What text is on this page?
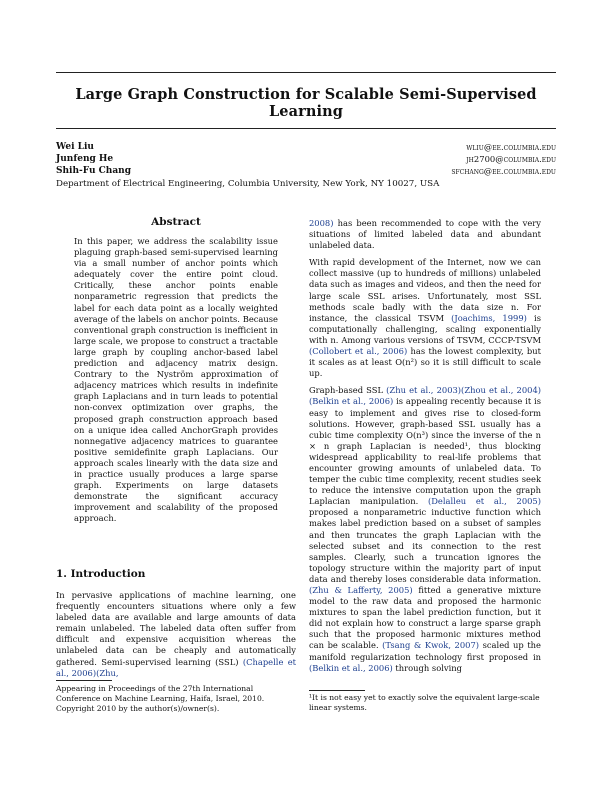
Large Graph Construction for Scalable Semi-Supervised Learning
Wei Liu	wliu@ee.columbia.edu
Junfeng He	jh2700@columbia.edu
Shih-Fu Chang	sfchang@ee.columbia.edu
Department of Electrical Engineering, Columbia University, New York, NY 10027, USA
Abstract
In this paper, we address the scalability issue plaguing graph-based semi-supervised learning via a small number of anchor points which adequately cover the entire point cloud. Critically, these anchor points enable nonparametric regression that predicts the label for each data point as a locally weighted average of the labels on anchor points. Because conventional graph construction is inefficient in large scale, we propose to construct a tractable large graph by coupling anchor-based label prediction and adjacency matrix design. Contrary to the Nyström approximation of adjacency matrices which results in indefinite graph Laplacians and in turn leads to potential non-convex optimization over graphs, the proposed graph construction approach based on a unique idea called AnchorGraph provides nonnegative adjacency matrices to guarantee positive semidefinite graph Laplacians. Our approach scales linearly with the data size and in practice usually produces a large sparse graph. Experiments on large datasets demonstrate the significant accuracy improvement and scalability of the proposed approach.
1. Introduction

In pervasive applications of machine learning, one frequently encounters situations where only a few labeled data are available and large amounts of data remain unlabeled. The labeled data often suffer from difficult and expensive acquisition whereas the unlabeled data can be cheaply and automatically gathered. Semi-supervised learning (SSL) (Chapelle et al., 2006)(Zhu,

Appearing in Proceedings of the 27th International Conference on Machine Learning, Haifa, Israel, 2010. Copyright 2010 by the author(s)/owner(s).

2008) has been recommended to cope with the very situations of limited labeled data and abundant unlabeled data.

With rapid development of the Internet, now we can collect massive (up to hundreds of millions) unlabeled data such as images and videos, and then the need for large scale SSL arises. Unfortunately, most SSL methods scale badly with the data size n. For instance, the classical TSVM (Joachims, 1999) is computationally challenging, scaling exponentially with n. Among various versions of TSVM, CCCP-TSVM (Collobert et al., 2006) has the lowest complexity, but it scales as at least O(n²) so it is still difficult to scale up.

Graph-based SSL (Zhu et al., 2003)(Zhou et al., 2004) (Belkin et al., 2006) is appealing recently because it is easy to implement and gives rise to closed-form solutions. However, graph-based SSL usually has a cubic time complexity O(n³) since the inverse of the n × n graph Laplacian is needed¹, thus blocking widespread applicability to real-life problems that encounter growing amounts of unlabeled data. To temper the cubic time complexity, recent studies seek to reduce the intensive computation upon the graph Laplacian manipulation. (Delalleu et al., 2005) proposed a nonparametric inductive function which makes label prediction based on a subset of samples and then truncates the graph Laplacian with the selected subset and its connection to the rest samples. Clearly, such a truncation ignores the topology structure within the majority part of input data and thereby loses considerable data information. (Zhu & Lafferty, 2005) fitted a generative mixture model to the raw data and proposed the harmonic mixtures to span the label prediction function, but it did not explain how to construct a large sparse graph such that the proposed harmonic mixtures method can be scalable. (Tsang & Kwok, 2007) scaled up the manifold regularization technology first proposed in (Belkin et al., 2006) through solving

¹It is not easy yet to exactly solve the equivalent large-scale linear systems.
